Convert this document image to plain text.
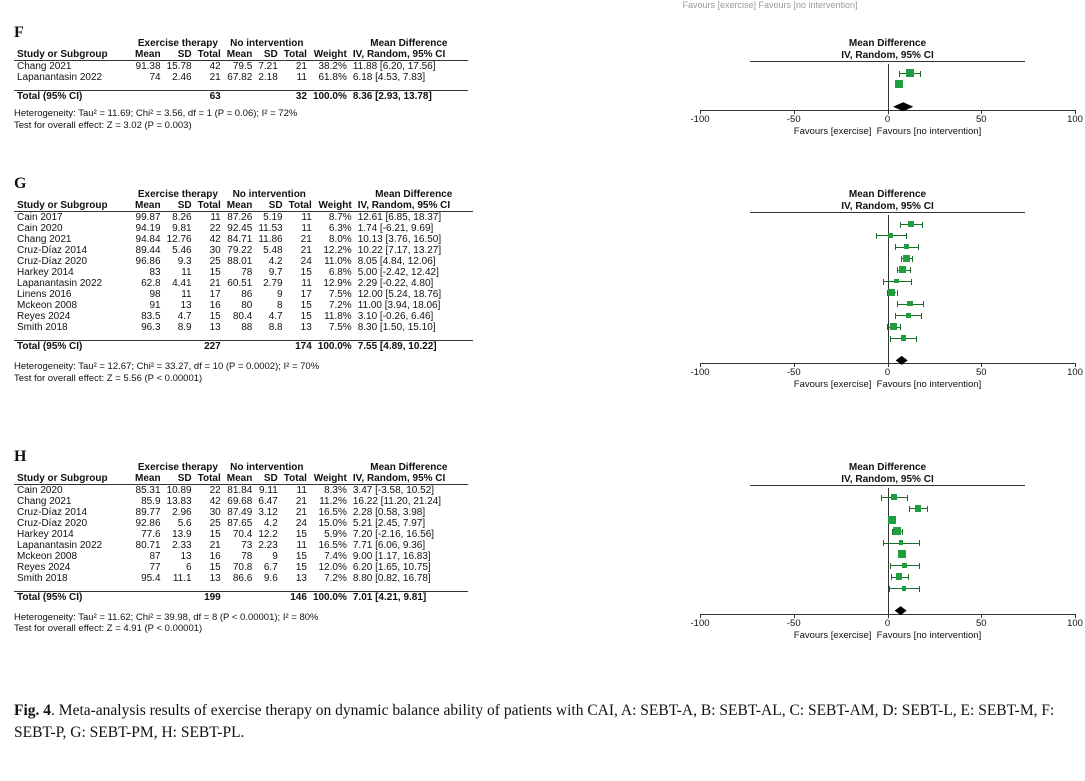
Favours [exercise] Favours [no intervention]
F
G
H
Fig. 4. Meta-analysis results of exercise therapy on dynamic balance ability of patients with CAI, A: SEBT-A, B: SEBT-AL, C: SEBT-AM, D: SEBT-L, E: SEBT-M, F: SEBT-P, G: SEBT-PM, H: SEBT-PL.
	Exercise therapy			No intervention				Mean Difference
Study or Subgroup	Mean	SD	Total	Mean	SD	Total	Weight	IV, Random, 95% CI
Chang 2021	91.38	15.78	42	79.5	7.21	21	38.2%	11.88 [6.20, 17.56]
Lapanantasin 2022	74	2.46	21	67.82	2.18	11	61.8%	6.18 [4.53, 7.83]

Total (95% CI)			63			32	100.0%	8.36 [2.93, 13.78]
Heterogeneity: Tau² = 11.69; Chi² = 3.56, df = 1 (P = 0.06); I² = 72%
Test for overall effect: Z = 3.02 (P = 0.003)
Mean Difference
IV, Random, 95% CI
-100	-50	0	50	100
Favours [exercise] Favours [no intervention]
	Exercise therapy			No intervention				Mean Difference
Study or Subgroup	Mean	SD	Total	Mean	SD	Total	Weight	IV, Random, 95% CI
Cain 2017	99.87	8.26	11	87.26	5.19	11	8.7%	12.61 [6.85, 18.37]
Cain 2020	94.19	9.81	22	92.45	11.53	11	6.3%	1.74 [-6.21, 9.69]
Chang 2021	94.84	12.76	42	84.71	11.86	21	8.0%	10.13 [3.76, 16.50]
Cruz-Díaz 2014	89.44	5.46	30	79.22	5.48	21	12.2%	10.22 [7.17, 13.27]
Cruz-Díaz 2020	96.86	9.3	25	88.01	4.2	24	11.0%	8.05 [4.84, 12.06]
Harkey 2014	83	11	15	78	9.7	15	6.8%	5.00 [-2.42, 12.42]
Lapanantasin 2022	62.8	4.41	21	60.51	2.79	11	12.9%	2.29 [-0.22, 4.80]
Linens 2016	98	11	17	86	9	17	7.5%	12.00 [5.24, 18.76]
Mckeon 2008	91	13	16	80	8	15	7.2%	11.00 [3.94, 18.06]
Reyes 2024	83.5	4.7	15	80.4	4.7	15	11.8%	3.10 [-0.26, 6.46]
Smith 2018	96.3	8.9	13	88	8.8	13	7.5%	8.30 [1.50, 15.10]

Total (95% CI)			227			174	100.0%	7.55 [4.89, 10.22]
Heterogeneity: Tau² = 12.67; Chi² = 33.27, df = 10 (P = 0.0002); I² = 70%
Test for overall effect: Z = 5.56 (P < 0.00001)
Mean Difference
IV, Random, 95% CI
-100	-50	0	50	100
Favours [exercise] Favours [no intervention]
	Exercise therapy			No intervention				Mean Difference
Study or Subgroup	Mean	SD	Total	Mean	SD	Total	Weight	IV, Random, 95% CI
Cain 2020	85.31	10.89	22	81.84	9.11	11	8.3%	3.47 [-3.58, 10.52]
Chang 2021	85.9	13.83	42	69.68	6.47	21	11.2%	16.22 [11.20, 21.24]
Cruz-Díaz 2014	89.77	2.96	30	87.49	3.12	21	16.5%	2.28 [0.58, 3.98]
Cruz-Díaz 2020	92.86	5.6	25	87.65	4.2	24	15.0%	5.21 [2.45, 7.97]
Harkey 2014	77.6	13.9	15	70.4	12.2	15	5.9%	7.20 [-2.16, 16.56]
Lapanantasin 2022	80.71	2.33	21	73	2.23	11	16.5%	7.71 [6.06, 9.36]
Mckeon 2008	87	13	16	78	9	15	7.4%	9.00 [1.17, 16.83]
Reyes 2024	77	6	15	70.8	6.7	15	12.0%	6.20 [1.65, 10.75]
Smith 2018	95.4	11.1	13	86.6	9.6	13	7.2%	8.80 [0.82, 16.78]

Total (95% CI)			199			146	100.0%	7.01 [4.21, 9.81]
Heterogeneity: Tau² = 11.62; Chi² = 39.98, df = 8 (P < 0.00001); I² = 80%
Test for overall effect: Z = 4.91 (P < 0.00001)
Mean Difference
IV, Random, 95% CI
-100	-50	0	50	100
Favours [exercise] Favours [no intervention]
